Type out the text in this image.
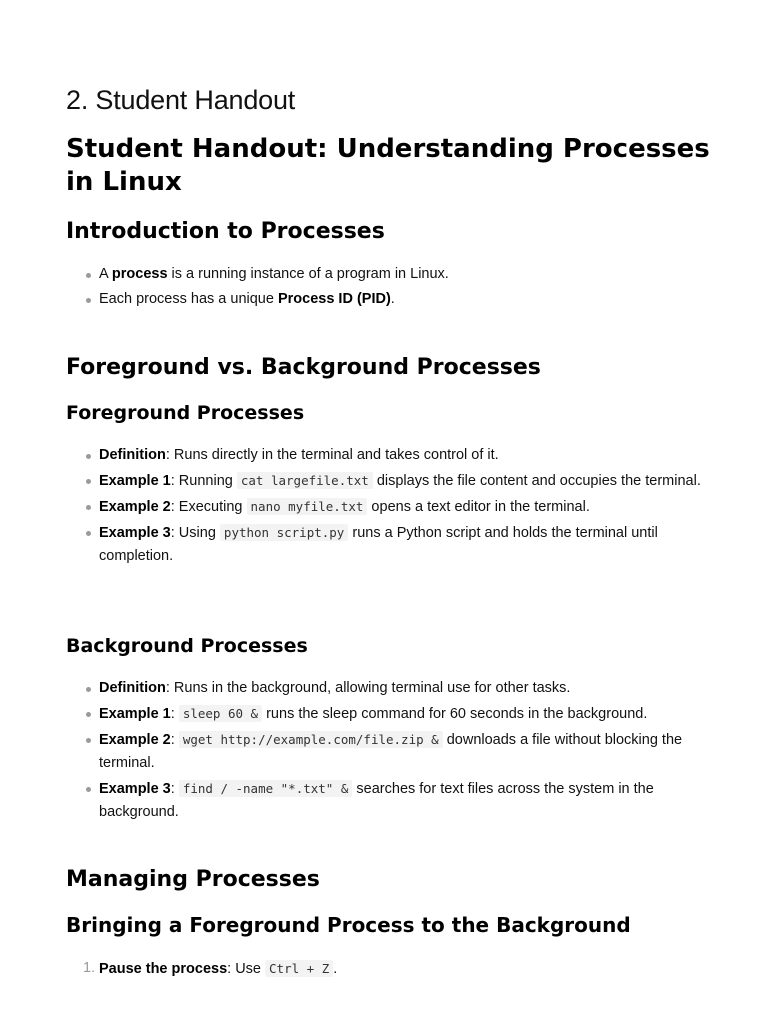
2. Student Handout
Student Handout: Understanding Processes in Linux
Introduction to Processes
A process is a running instance of a program in Linux.
Each process has a unique Process ID (PID).
Foreground vs. Background Processes
Foreground Processes
Definition: Runs directly in the terminal and takes control of it.
Example 1: Running cat largefile.txt displays the file content and occupies the terminal.
Example 2: Executing nano myfile.txt opens a text editor in the terminal.
Example 3: Using python script.py runs a Python script and holds the terminal until completion.
Background Processes
Definition: Runs in the background, allowing terminal use for other tasks.
Example 1: sleep 60 & runs the sleep command for 60 seconds in the background.
Example 2: wget http://example.com/file.zip & downloads a file without blocking the terminal.
Example 3: find / -name "*.txt" & searches for text files across the system in the background.
Managing Processes
Bringing a Foreground Process to the Background
1. Pause the process: Use Ctrl + Z .
